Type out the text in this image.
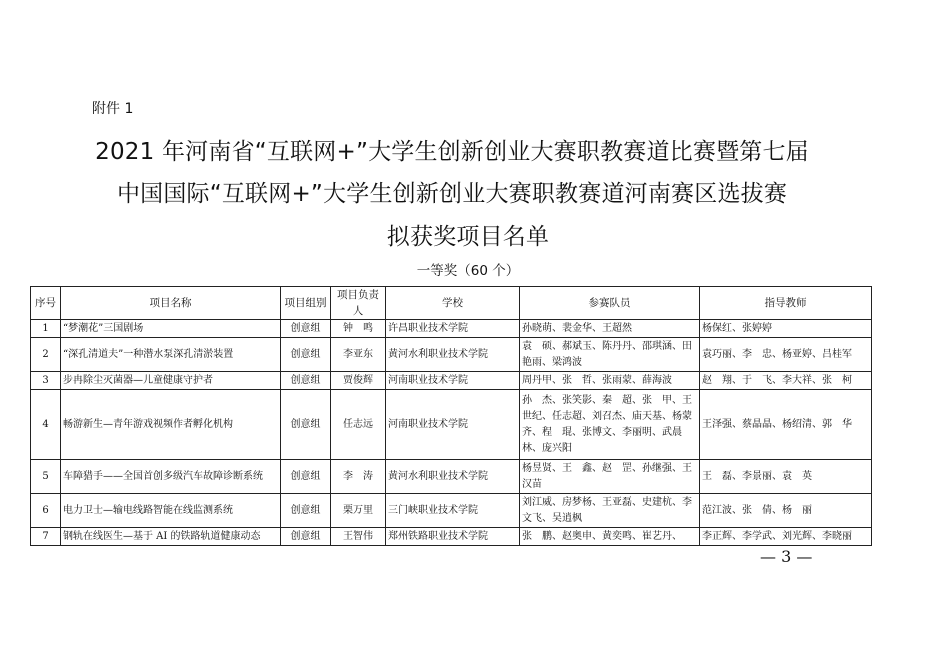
附件 1
2021 年河南省“互联网+”大学生创新创业大赛职教赛道比赛暨第七届
中国国际“互联网+”大学生创新创业大赛职教赛道河南赛区选拔赛
拟获奖项目名单
一等奖（60 个）
序号	项目名称	项目组别	项目负责人	学校	参赛队员	指导教师
1	“梦潮花”三国剧场	创意组	钟　鸣	许昌职业技术学院	孙晓萌、裴金华、王超然	杨保红、张婷婷
2	“深孔清道夫”一种潜水泵深孔清淤装置	创意组	李亚东	黄河水利职业技术学院	袁　硕、郝斌玉、陈丹丹、邵琪涵、田艳雨、梁鸿波	袁巧丽、李　忠、杨亚婷、吕桂军
3	步冉除尘灭菌器—儿童健康守护者	创意组	贾俊辉	河南职业技术学院	周丹甲、张　哲、张雨蒙、薛海波	赵　翔、于　飞、李大祥、张　柯
4	畅游新生—青年游戏视频作者孵化机构	创意组	任志远	河南职业技术学院	孙　杰、张笑影、秦　超、张　甲、王世纪、任志超、刘召杰、庙天基、杨蒙齐、程　琨、张博文、李丽明、武晨林、庞兴阳	王泽强、蔡晶晶、杨绍清、郭　华
5	车障猎手——全国首创多级汽车故障诊断系统	创意组	李　涛	黄河水利职业技术学院	杨昱贤、王　鑫、赵　罡、孙继强、王汉苗	王　磊、李景丽、袁　英
6	电力卫士—输电线路智能在线监测系统	创意组	栗万里	三门峡职业技术学院	刘江威、房梦杨、王亚磊、史建杭、李文飞、吴逍枫	范江波、张　倩、杨　丽
7	钢轨在线医生—基于 AI 的铁路轨道健康动态	创意组	王智伟	郑州铁路职业技术学院	张　鹏、赵奥申、黄奕鸣、崔艺丹、	李正辉、李学武、刘光辉、李晓丽
— 3 —
